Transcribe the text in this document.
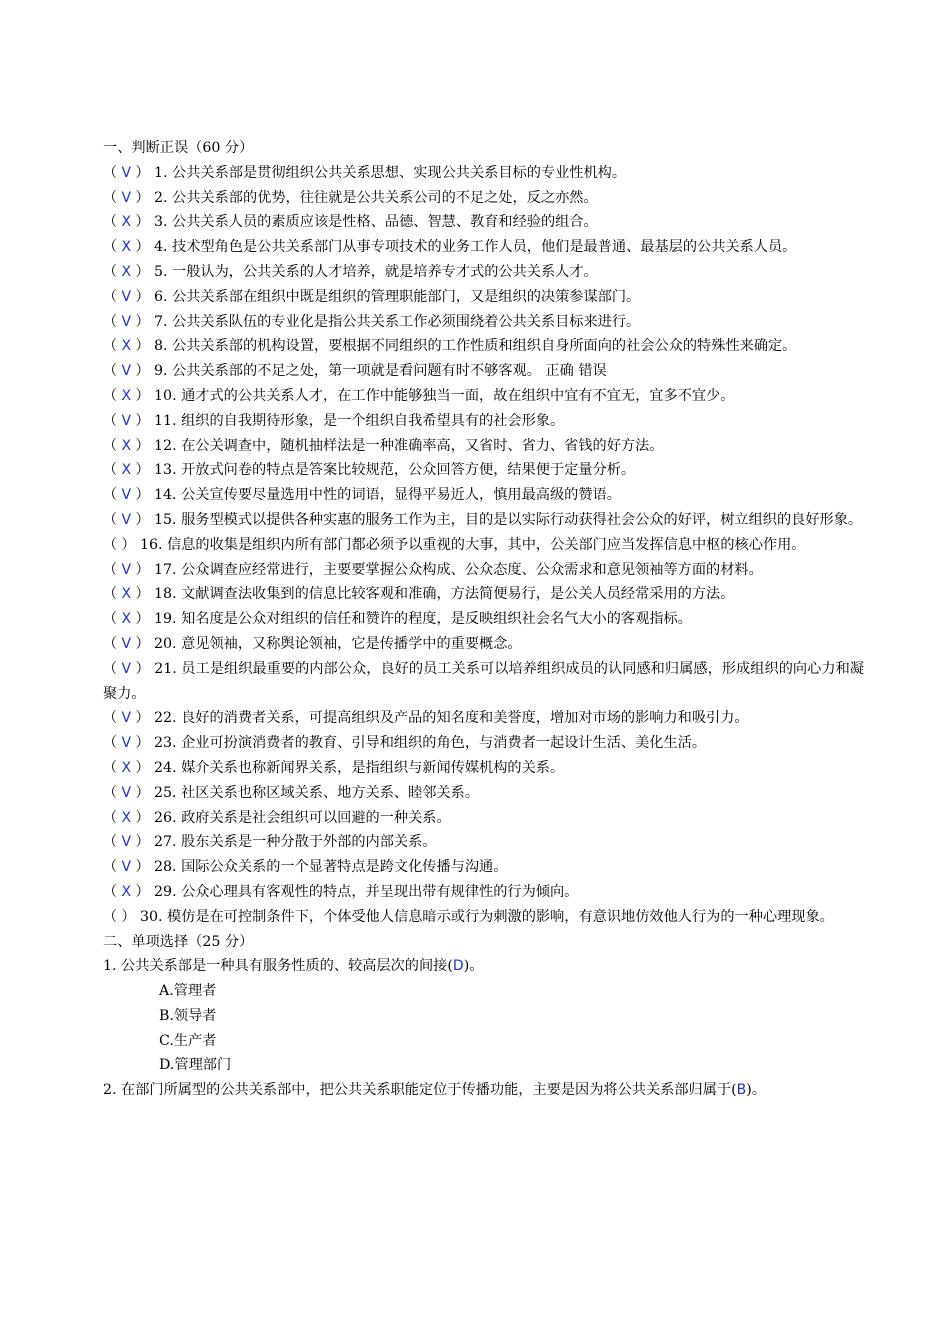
一、判断正误（60 分）
（ V ） 1. 公共关系部是贯彻组织公共关系思想、实现公共关系目标的专业性机构。
（ V ） 2. 公共关系部的优势，往往就是公共关系公司的不足之处，反之亦然。
（ X ） 3. 公共关系人员的素质应该是性格、品德、智慧、教育和经验的组合。
（ X ） 4. 技术型角色是公共关系部门从事专项技术的业务工作人员，他们是最普通、最基层的公共关系人员。
（ X ） 5. 一般认为，公共关系的人才培养，就是培养专才式的公共关系人才。
（ V ） 6. 公共关系部在组织中既是组织的管理职能部门，又是组织的决策参谋部门。
（ V ） 7. 公共关系队伍的专业化是指公共关系工作必须围绕着公共关系目标来进行。
（ X ） 8. 公共关系部的机构设置，要根据不同组织的工作性质和组织自身所面向的社会公众的特殊性来确定。
（ V ） 9. 公共关系部的不足之处，第一项就是看问题有时不够客观。 正确 错误
（ X ） 10. 通才式的公共关系人才，在工作中能够独当一面，故在组织中宜有不宜无，宜多不宜少。
（ V ） 11. 组织的自我期待形象，是一个组织自我希望具有的社会形象。
（ X ） 12. 在公关调查中，随机抽样法是一种准确率高，又省时、省力、省钱的好方法。
（ X ） 13. 开放式问卷的特点是答案比较规范，公众回答方便，结果便于定量分析。
（ V ） 14. 公关宣传要尽量选用中性的词语，显得平易近人，慎用最高级的赞语。
（ V ） 15. 服务型模式以提供各种实惠的服务工作为主，目的是以实际行动获得社会公众的好评，树立组织的良好形象。
（ ） 16. 信息的收集是组织内所有部门都必须予以重视的大事，其中，公关部门应当发挥信息中枢的核心作用。
（ V ） 17. 公众调查应经常进行，主要要掌握公众构成、公众态度、公众需求和意见领袖等方面的材料。
（ X ） 18. 文献调查法收集到的信息比较客观和准确，方法简便易行，是公关人员经常采用的方法。
（ X ） 19. 知名度是公众对组织的信任和赞许的程度，是反映组织社会名气大小的客观指标。
（ V ） 20. 意见领袖，又称舆论领袖，它是传播学中的重要概念。
（ V ） 21. 员工是组织最重要的内部公众，良好的员工关系可以培养组织成员的认同感和归属感，形成组织的向心力和凝聚力。
（ V ） 22. 良好的消费者关系，可提高组织及产品的知名度和美誉度，增加对市场的影响力和吸引力。
（ V ） 23. 企业可扮演消费者的教育、引导和组织的角色，与消费者一起设计生活、美化生活。
（ X ） 24. 媒介关系也称新闻界关系，是指组织与新闻传媒机构的关系。
（ V ） 25. 社区关系也称区域关系、地方关系、睦邻关系。
（ X ） 26. 政府关系是社会组织可以回避的一种关系。
（ V ） 27. 股东关系是一种分散于外部的内部关系。
（ V ） 28. 国际公众关系的一个显著特点是跨文化传播与沟通。
（ X ） 29. 公众心理具有客观性的特点，并呈现出带有规律性的行为倾向。
（ ） 30. 模仿是在可控制条件下，个体受他人信息暗示或行为刺激的影响，有意识地仿效他人行为的一种心理现象。
二、单项选择（25 分）
1. 公共关系部是一种具有服务性质的、较高层次的间接(D)。
A.管理者
B.领导者
C.生产者
D.管理部门
2. 在部门所属型的公共关系部中，把公共关系职能定位于传播功能，主要是因为将公共关系部归属于(B)。
